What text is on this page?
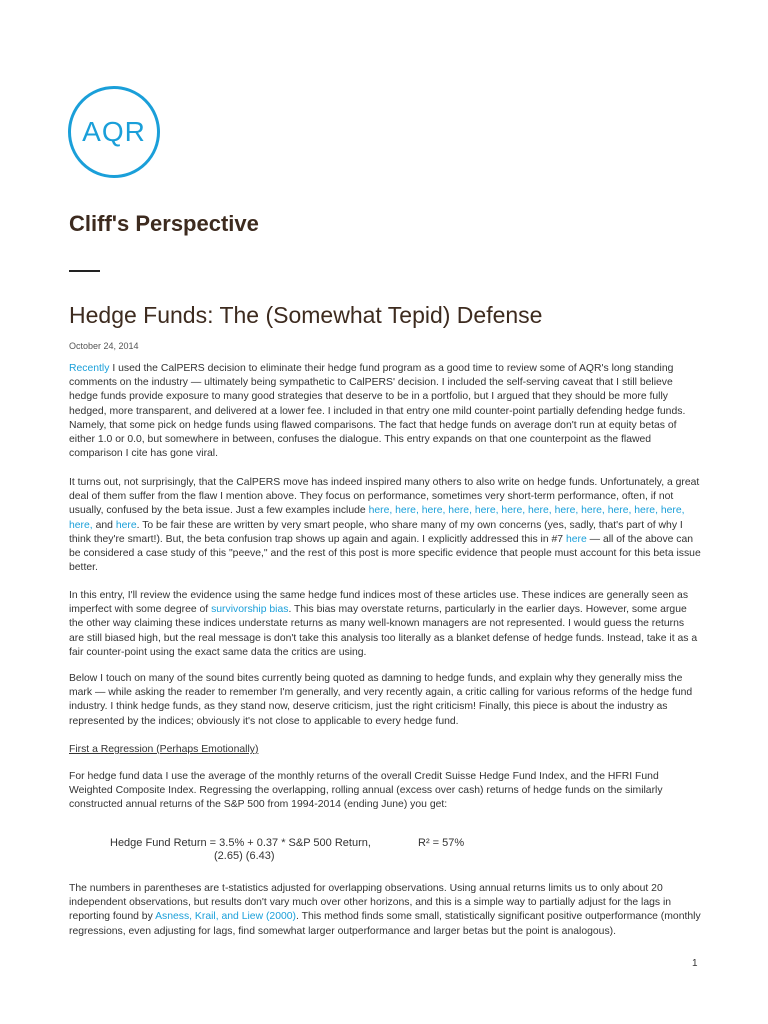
AQR
Cliff's Perspective
Hedge Funds: The (Somewhat Tepid) Defense
October 24, 2014

Recently I used the CalPERS decision to eliminate their hedge fund program as a good time to review some of AQR's long standing comments on the industry — ultimately being sympathetic to CalPERS' decision. I included the self-serving caveat that I still believe hedge funds provide exposure to many good strategies that deserve to be in a portfolio, but I argued that they should be more fully hedged, more transparent, and delivered at a lower fee. I included in that entry one mild counter-point partially defending hedge funds. Namely, that some pick on hedge funds using flawed comparisons. The fact that hedge funds on average don't run at equity betas of either 1.0 or 0.0, but somewhere in between, confuses the dialogue. This entry expands on that one counterpoint as the flawed comparison I cite has gone viral.

It turns out, not surprisingly, that the CalPERS move has indeed inspired many others to also write on hedge funds. Unfortunately, a great deal of them suffer from the flaw I mention above. They focus on performance, sometimes very short-term performance, often, if not usually, confused by the beta issue. Just a few examples include here, here, here, here, here, here, here, here, here, here, here, here, here, and here. To be fair these are written by very smart people, who share many of my own concerns (yes, sadly, that's part of why I think they're smart!). But, the beta confusion trap shows up again and again. I explicitly addressed this in #7 here — all of the above can be considered a case study of this "peeve," and the rest of this post is more specific evidence that people must account for this beta issue better.

In this entry, I'll review the evidence using the same hedge fund indices most of these articles use. These indices are generally seen as imperfect with some degree of survivorship bias. This bias may overstate returns, particularly in the earlier days. However, some argue the other way claiming these indices understate returns as many well-known managers are not represented. I would guess the returns are still biased high, but the real message is don't take this analysis too literally as a blanket defense of hedge funds. Instead, take it as a fair counter-point using the exact same data the critics are using.

Below I touch on many of the sound bites currently being quoted as damning to hedge funds, and explain why they generally miss the mark — while asking the reader to remember I'm generally, and very recently again, a critic calling for various reforms of the hedge fund industry. I think hedge funds, as they stand now, deserve criticism, just the right criticism! Finally, this piece is about the industry as represented by the indices; obviously it's not close to applicable to every hedge fund.

First a Regression (Perhaps Emotionally)

For hedge fund data I use the average of the monthly returns of the overall Credit Suisse Hedge Fund Index, and the HFRI Fund Weighted Composite Index. Regressing the overlapping, rolling annual (excess over cash) returns of hedge funds on the similarly constructed annual returns of the S&P 500 from 1994-2014 (ending June) you get:

Hedge Fund Return = 3.5% + 0.37 * S&P 500 Return,	R² = 57%
(2.65) (6.43)

The numbers in parentheses are t-statistics adjusted for overlapping observations. Using annual returns limits us to only about 20 independent observations, but results don't vary much over other horizons, and this is a simple way to partially adjust for the lags in reporting found by Asness, Krail, and Liew (2000). This method finds some small, statistically significant positive outperformance (monthly regressions, even adjusting for lags, find somewhat larger outperformance and larger betas but the point is analogous).

1
